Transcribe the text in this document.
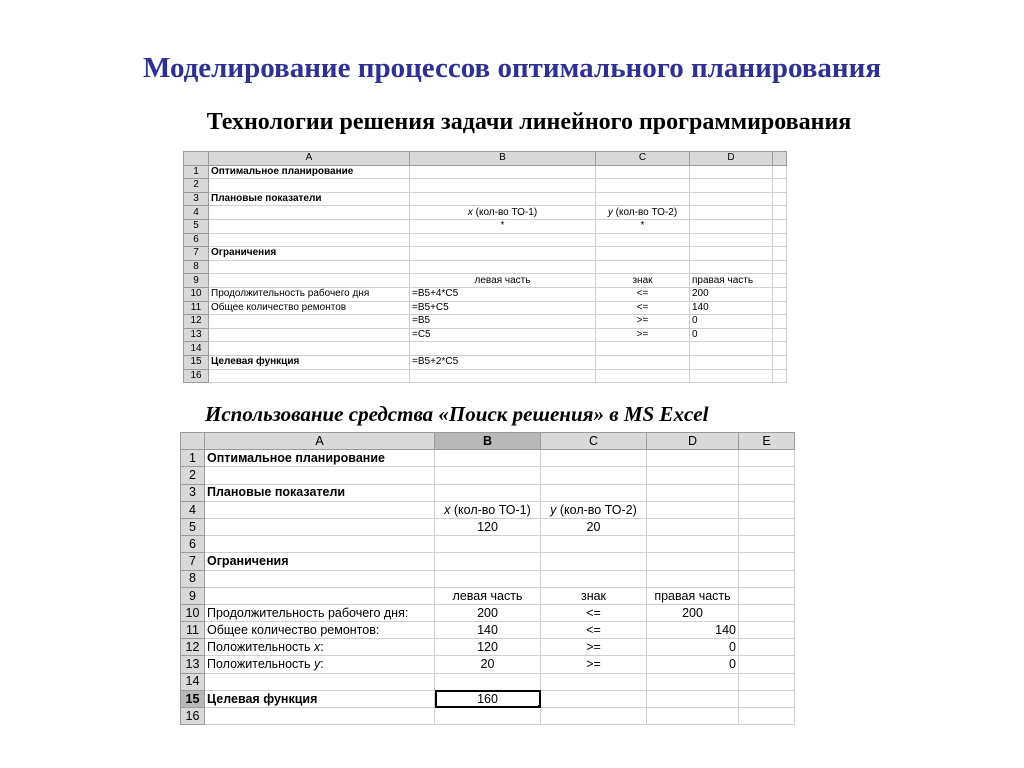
Моделирование процессов оптимального планирования
Технологии решения задачи линейного программирования
	A	B	C	D	
1	Оптимальное планирование				
2					
3	Плановые показатели				
4		x (кол-во ТО-1)	y (кол-во ТО-2)		
5		*	*		
6					
7	Ограничения				
8					
9		левая часть	знак	правая часть	
10	Продолжительность рабочего дня	=B5+4*C5	<=	200	
11	Общее количество ремонтов	=B5+C5	<=	140	
12		=B5	>=	0	
13		=C5	>=	0	
14					
15	Целевая функция	=B5+2*C5			
16					
Использование средства «Поиск решения» в MS Excel
	A	B	C	D	E
1	Оптимальное планирование				
2					
3	Плановые показатели				
4		x (кол-во ТО-1)	y (кол-во ТО-2)		
5		120	20		
6					
7	Ограничения				
8					
9		левая часть	знак	правая часть	
10	Продолжительность рабочего дня:	200	<=	200	
11	Общее количество ремонтов:	140	<=	140	
12	Положительность x:	120	>=	0	
13	Положительность y:	20	>=	0	
14					
15	Целевая функция	160

16					
